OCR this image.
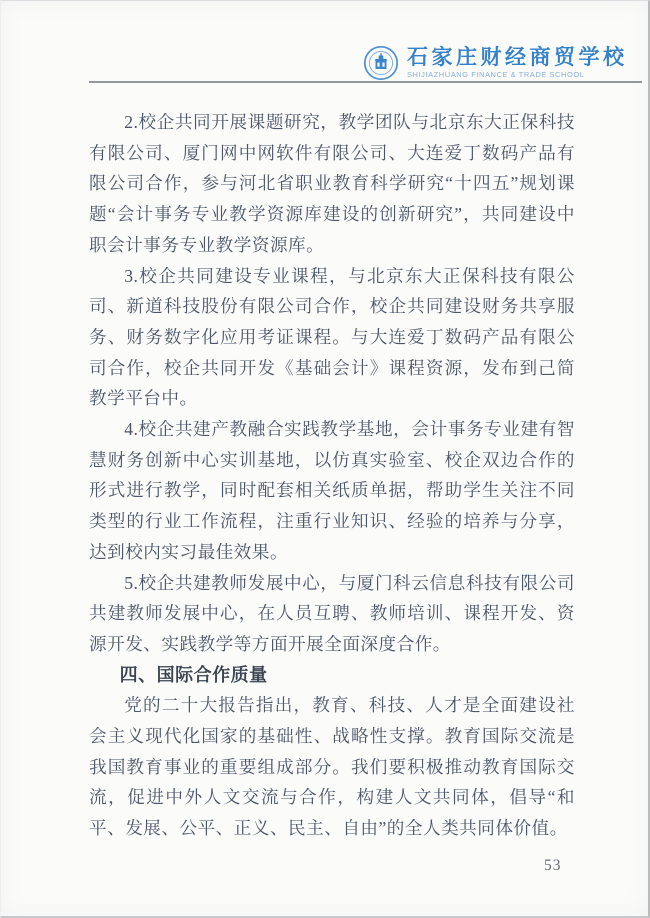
石家庄财经商贸学校
SHIJIAZHUANG FINANCE & TRADE SCHOOL

2.校企共同开展课题研究，教学团队与北京东大正保科技有限公司、厦门网中网软件有限公司、大连爱丁数码产品有限公司合作，参与河北省职业教育科学研究“十四五”规划课题“会计事务专业教学资源库建设的创新研究”，共同建设中职会计事务专业教学资源库。

3.校企共同建设专业课程，与北京东大正保科技有限公司、新道科技股份有限公司合作，校企共同建设财务共享服务、财务数字化应用考证课程。与大连爱丁数码产品有限公司合作，校企共同开发《基础会计》课程资源，发布到己简教学平台中。

4.校企共建产教融合实践教学基地，会计事务专业建有智慧财务创新中心实训基地，以仿真实验室、校企双边合作的形式进行教学，同时配套相关纸质单据，帮助学生关注不同类型的行业工作流程，注重行业知识、经验的培养与分享，达到校内实习最佳效果。

5.校企共建教师发展中心，与厦门科云信息科技有限公司共建教师发展中心，在人员互聘、教师培训、课程开发、资源开发、实践教学等方面开展全面深度合作。

四、国际合作质量

党的二十大报告指出，教育、科技、人才是全面建设社会主义现代化国家的基础性、战略性支撑。教育国际交流是我国教育事业的重要组成部分。我们要积极推动教育国际交流，促进中外人文交流与合作，构建人文共同体，倡导“和平、发展、公平、正义、民主、自由”的全人类共同体价值。

53
